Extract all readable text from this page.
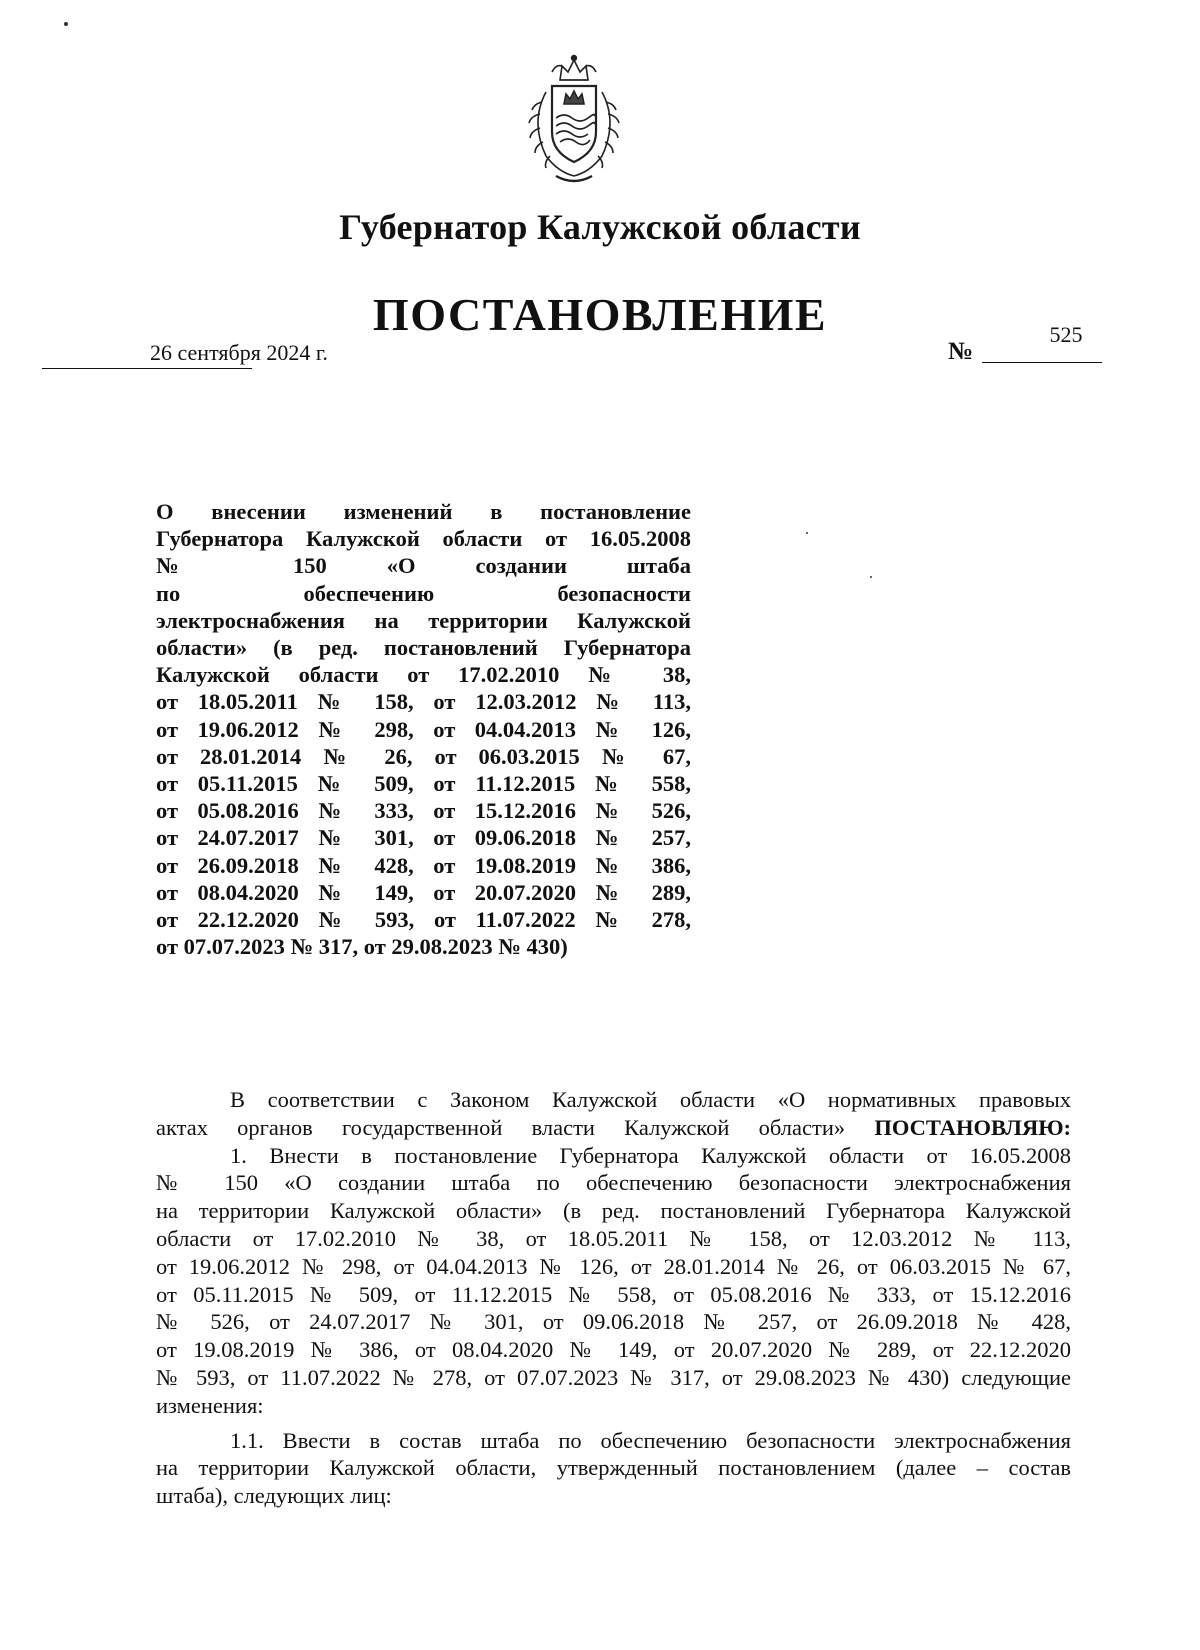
Губернатор Калужской области
ПОСТАНОВЛЕНИЕ
26 сентября 2024 г.	№
525
О внесении изменений в постановление
Губернатора Калужской области от 16.05.2008
№ 150 «О создании штаба
по обеспечению безопасности
электроснабжения на территории Калужской
области» (в ред. постановлений Губернатора
Калужской области от 17.02.2010 № 38,
от 18.05.2011 № 158, от 12.03.2012 № 113,
от 19.06.2012 № 298, от 04.04.2013 № 126,
от 28.01.2014 № 26, от 06.03.2015 № 67,
от 05.11.2015 № 509, от 11.12.2015 № 558,
от 05.08.2016 № 333, от 15.12.2016 № 526,
от 24.07.2017 № 301, от 09.06.2018 № 257,
от 26.09.2018 № 428, от 19.08.2019 № 386,
от 08.04.2020 № 149, от 20.07.2020 № 289,
от 22.12.2020 № 593, от 11.07.2022 № 278,
от 07.07.2023 № 317, от 29.08.2023 № 430)
В соответствии с Законом Калужской области «О нормативных правовых
актах органов государственной власти Калужской области» ПОСТАНОВЛЯЮ:
1. Внести в постановление Губернатора Калужской области от 16.05.2008
№ 150 «О создании штаба по обеспечению безопасности электроснабжения
на территории Калужской области» (в ред. постановлений Губернатора Калужской
области от 17.02.2010 № 38, от 18.05.2011 № 158, от 12.03.2012 № 113,
от 19.06.2012 № 298, от 04.04.2013 № 126, от 28.01.2014 № 26, от 06.03.2015 № 67,
от 05.11.2015 № 509, от 11.12.2015 № 558, от 05.08.2016 № 333, от 15.12.2016
№ 526, от 24.07.2017 № 301, от 09.06.2018 № 257, от 26.09.2018 № 428,
от 19.08.2019 № 386, от 08.04.2020 № 149, от 20.07.2020 № 289, от 22.12.2020
№ 593, от 11.07.2022 № 278, от 07.07.2023 № 317, от 29.08.2023 № 430) следующие
изменения:
1.1. Ввести в состав штаба по обеспечению безопасности электроснабжения
на территории Калужской области, утвержденный постановлением (далее – состав
штаба), следующих лиц:
